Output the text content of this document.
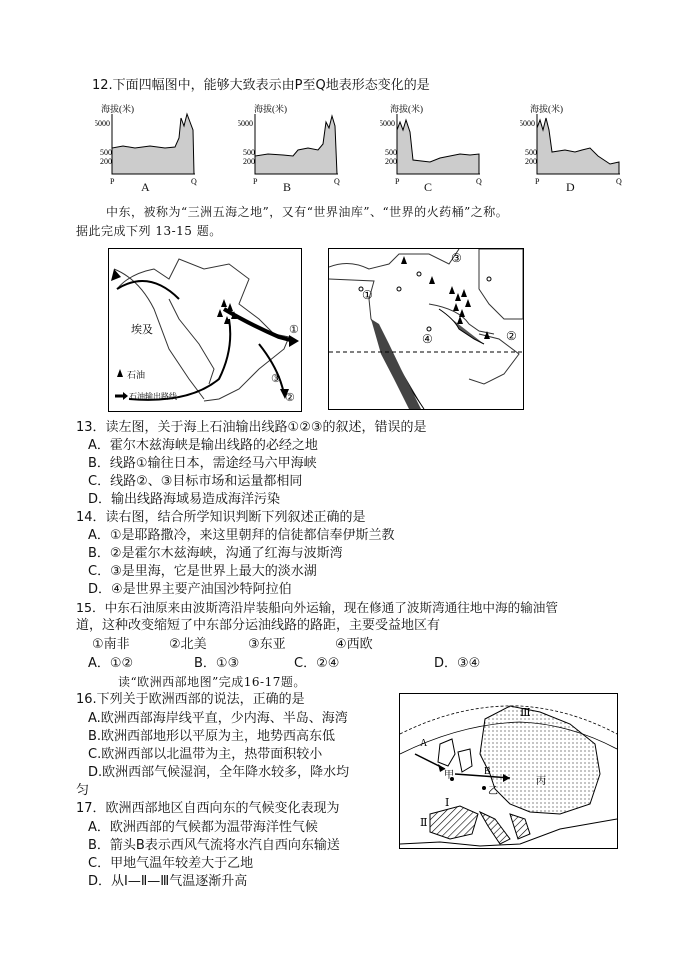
12.下面四幅图中，能够大致表示由P至Q地表形态变化的是
海拔(米)
5000
500
200
P	Q
A
海拔(米)
5000
500
200
P	Q
B
海拔(米)
5000
500
200
P	Q
C
海拔(米)
5000
500
200
P	Q
D
中东，被称为“三洲五海之地”，又有“世界油库”、“世界的火药桶”之称。
据此完成下列 13-15 题。
埃及	①
②
③
石油
石油输出路线
③
①
②
④
13．读左图，关于海上石油输出线路①②③的叙述，错误的是
A．霍尔木兹海峡是输出线路的必经之地
B．线路①输往日本，需途经马六甲海峡
C．线路②、③目标市场和运量都相同
D．输出线路海域易造成海洋污染
14．读右图，结合所学知识判断下列叙述正确的是
A．①是耶路撒冷，来这里朝拜的信徒都信奉伊斯兰教
B．②是霍尔木兹海峡，沟通了红海与波斯湾
C．③是里海，它是世界上最大的淡水湖
D．④是世界主要产油国沙特阿拉伯
15．中东石油原来由波斯湾沿岸装船向外运输，现在修通了波斯湾通往地中海的输油管
道，这种改变缩短了中东部分运油线路的路距，主要受益地区有
①南非	②北美	③东亚	④西欧
A．①②	B．①③	C．②④	D．③④
读“欧洲西部地图”完成16-17题。
16.下列关于欧洲西部的说法，正确的是
A.欧洲西部海岸线平直，少内海、半岛、海湾
B.欧洲西部地形以平原为主，地势西高东低
C.欧洲西部以北温带为主，热带面积较小
D.欧洲西部气候湿润，全年降水较多，降水均
匀
17．欧洲西部地区自西向东的气候变化表现为
A．欧洲西部的气候都为温带海洋性气候
B．箭头B表示西风气流将水汽自西向东输送
C．甲地气温年较差大于乙地
D．从Ⅰ—Ⅱ—Ⅲ气温逐渐升高
A
B
甲
乙
丙
Ⅰ
Ⅱ
Ⅲ
